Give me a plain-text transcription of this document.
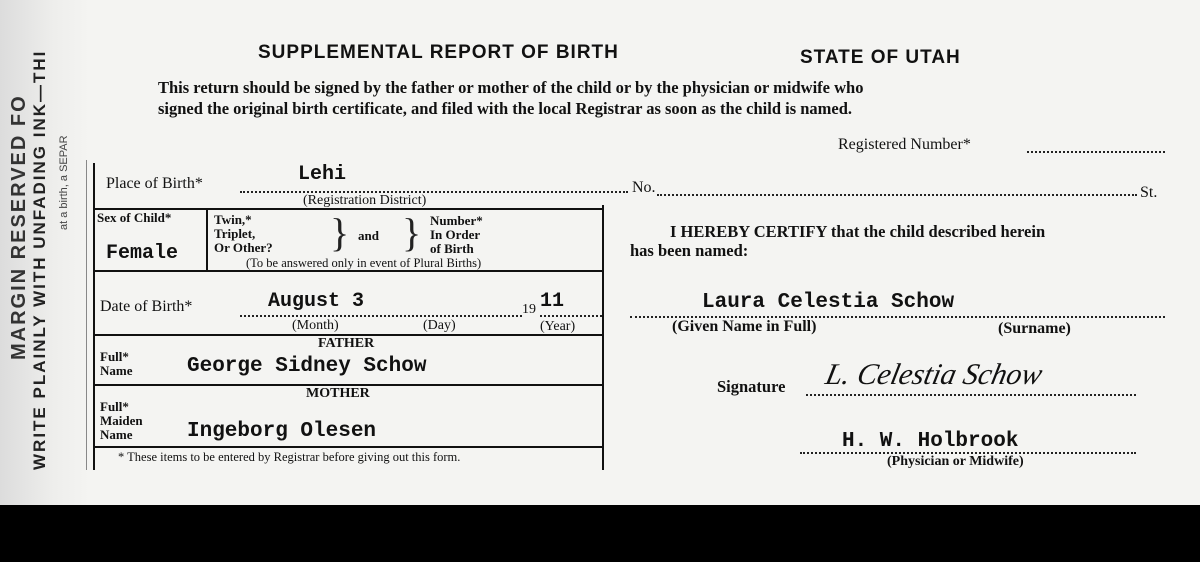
MARGIN RESERVED FO WRITE PLAINLY WITH UNFADING INK—THI at a birth, a SEPAR
SUPPLEMENTAL REPORT OF BIRTH	STATE OF UTAH
This return should be signed by the father or mother of the child or by the physician or midwife who
signed the original birth certificate, and filed with the local Registrar as soon as the child is named.
Registered Number*
Place of Birth*	Lehi
(Registration District)
No.	St.
Sex of Child*
Female
Twin,*
Triplet,
Or Other? } and } Number*
In Order
of Birth
(To be answered only in event of Plural Births)
Date of Birth*	August 3	19 11
(Month)	(Day)	(Year)
FATHER
Full*
Name	George Sidney Schow
MOTHER
Full*
Maiden
Name	Ingeborg Olesen
* These items to be entered by Registrar before giving out this form.
I HEREBY CERTIFY that the child described herein
has been named:
Laura Celestia Schow
(Given Name in Full)	(Surname)
Signature L. Celestia Schow
H. W. Holbrook
(Physician or Midwife)
